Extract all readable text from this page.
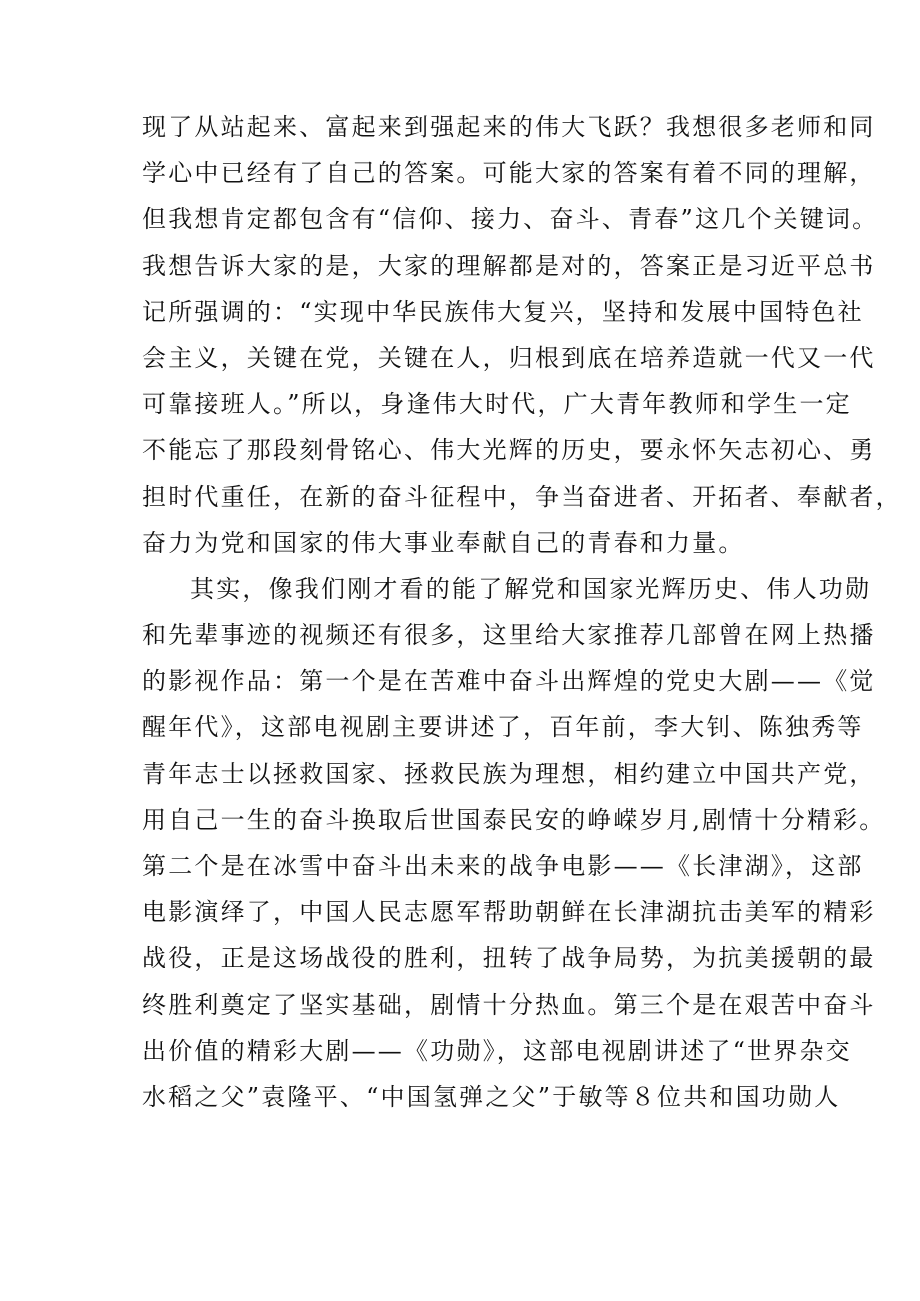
现了从站起来、富起来到强起来的伟大飞跃？我想很多老师和同
学心中已经有了自己的答案。可能大家的答案有着不同的理解，
但我想肯定都包含有“信仰、接力、奋斗、青春”这几个关键词。
我想告诉大家的是，大家的理解都是对的，答案正是习近平总书
记所强调的：“实现中华民族伟大复兴，坚持和发展中国特色社
会主义，关键在党，关键在人，归根到底在培养造就一代又一代
可靠接班人。”所以，身逢伟大时代，广大青年教师和学生一定
不能忘了那段刻骨铭心、伟大光辉的历史，要永怀矢志初心、勇
担时代重任，在新的奋斗征程中，争当奋进者、开拓者、奉献者，
奋力为党和国家的伟大事业奉献自己的青春和力量。
其实，像我们刚才看的能了解党和国家光辉历史、伟人功勋
和先辈事迹的视频还有很多，这里给大家推荐几部曾在网上热播
的影视作品：第一个是在苦难中奋斗出辉煌的党史大剧——《觉
醒年代》，这部电视剧主要讲述了，百年前，李大钊、陈独秀等
青年志士以拯救国家、拯救民族为理想，相约建立中国共产党，
用自己一生的奋斗换取后世国泰民安的峥嵘岁月,剧情十分精彩。
第二个是在冰雪中奋斗出未来的战争电影——《长津湖》，这部
电影演绎了，中国人民志愿军帮助朝鲜在长津湖抗击美军的精彩
战役，正是这场战役的胜利，扭转了战争局势，为抗美援朝的最
终胜利奠定了坚实基础，剧情十分热血。第三个是在艰苦中奋斗
出价值的精彩大剧——《功勋》，这部电视剧讲述了“世界杂交
水稻之父”袁隆平、“中国氢弹之父”于敏等８位共和国功勋人
